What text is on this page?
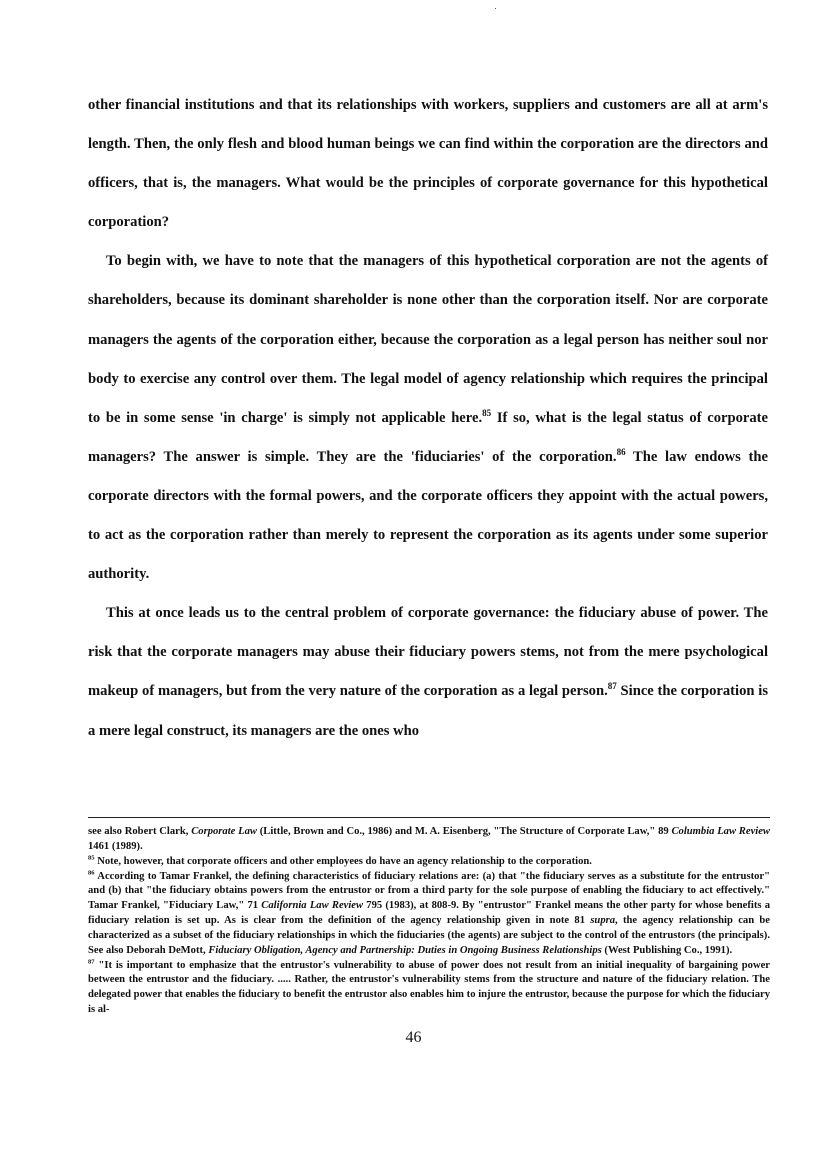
other financial institutions and that its relationships with workers, suppliers and customers are all at arm's length. Then, the only flesh and blood human beings we can find within the corporation are the directors and officers, that is, the managers. What would be the principles of corporate governance for this hypothetical corporation?

To begin with, we have to note that the managers of this hypothetical corporation are not the agents of shareholders, because its dominant shareholder is none other than the corporation itself. Nor are corporate managers the agents of the corporation either, because the corporation as a legal person has neither soul nor body to exercise any control over them. The legal model of agency relationship which requires the principal to be in some sense 'in charge' is simply not applicable here.$^{85}$ If so, what is the legal status of corporate managers? The answer is simple. They are the 'fiduciaries' of the corporation.$^{86}$ The law endows the corporate directors with the formal powers, and the corporate officers they appoint with the actual powers, to act as the corporation rather than merely to represent the corporation as its agents under some superior authority.

This at once leads us to the central problem of corporate governance: the fiduciary abuse of power. The risk that the corporate managers may abuse their fiduciary powers stems, not from the mere psychological makeup of managers, but from the very nature of the corporation as a legal person.$^{87}$ Since the corporation is a mere legal construct, its managers are the ones who

see also Robert Clark, Corporate Law (Little, Brown and Co., 1986) and M. A. Eisenberg, "The Structure of Corporate Law," 89 Columbia Law Review 1461 (1989).

$^{85}$ Note, however, that corporate officers and other employees do have an agency relationship to the corporation.

$^{86}$ According to Tamar Frankel, the defining characteristics of fiduciary relations are: (a) that "the fiduciary serves as a substitute for the entrustor" and (b) that "the fiduciary obtains powers from the entrustor or from a third party for the sole purpose of enabling the fiduciary to act effectively." Tamar Frankel, "Fiduciary Law," 71 California Law Review 795 (1983), at 808-9. By "entrustor" Frankel means the other party for whose benefits a fiduciary relation is set up. As is clear from the definition of the agency relationship given in note 81 supra, the agency relationship can be characterized as a subset of the fiduciary relationships in which the fiduciaries (the agents) are subject to the control of the entrustors (the principals). See also Deborah DeMott, Fiduciary Obligation, Agency and Partnership: Duties in Ongoing Business Relationships (West Publishing Co., 1991).

$^{87}$ "It is important to emphasize that the entrustor's vulnerability to abuse of power does not result from an initial inequality of bargaining power between the entrustor and the fiduciary. ..... Rather, the entrustor's vulnerability stems from the structure and nature of the fiduciary relation. The delegated power that enables the fiduciary to benefit the entrustor also enables him to injure the entrustor, because the purpose for which the fiduciary is al-

46
